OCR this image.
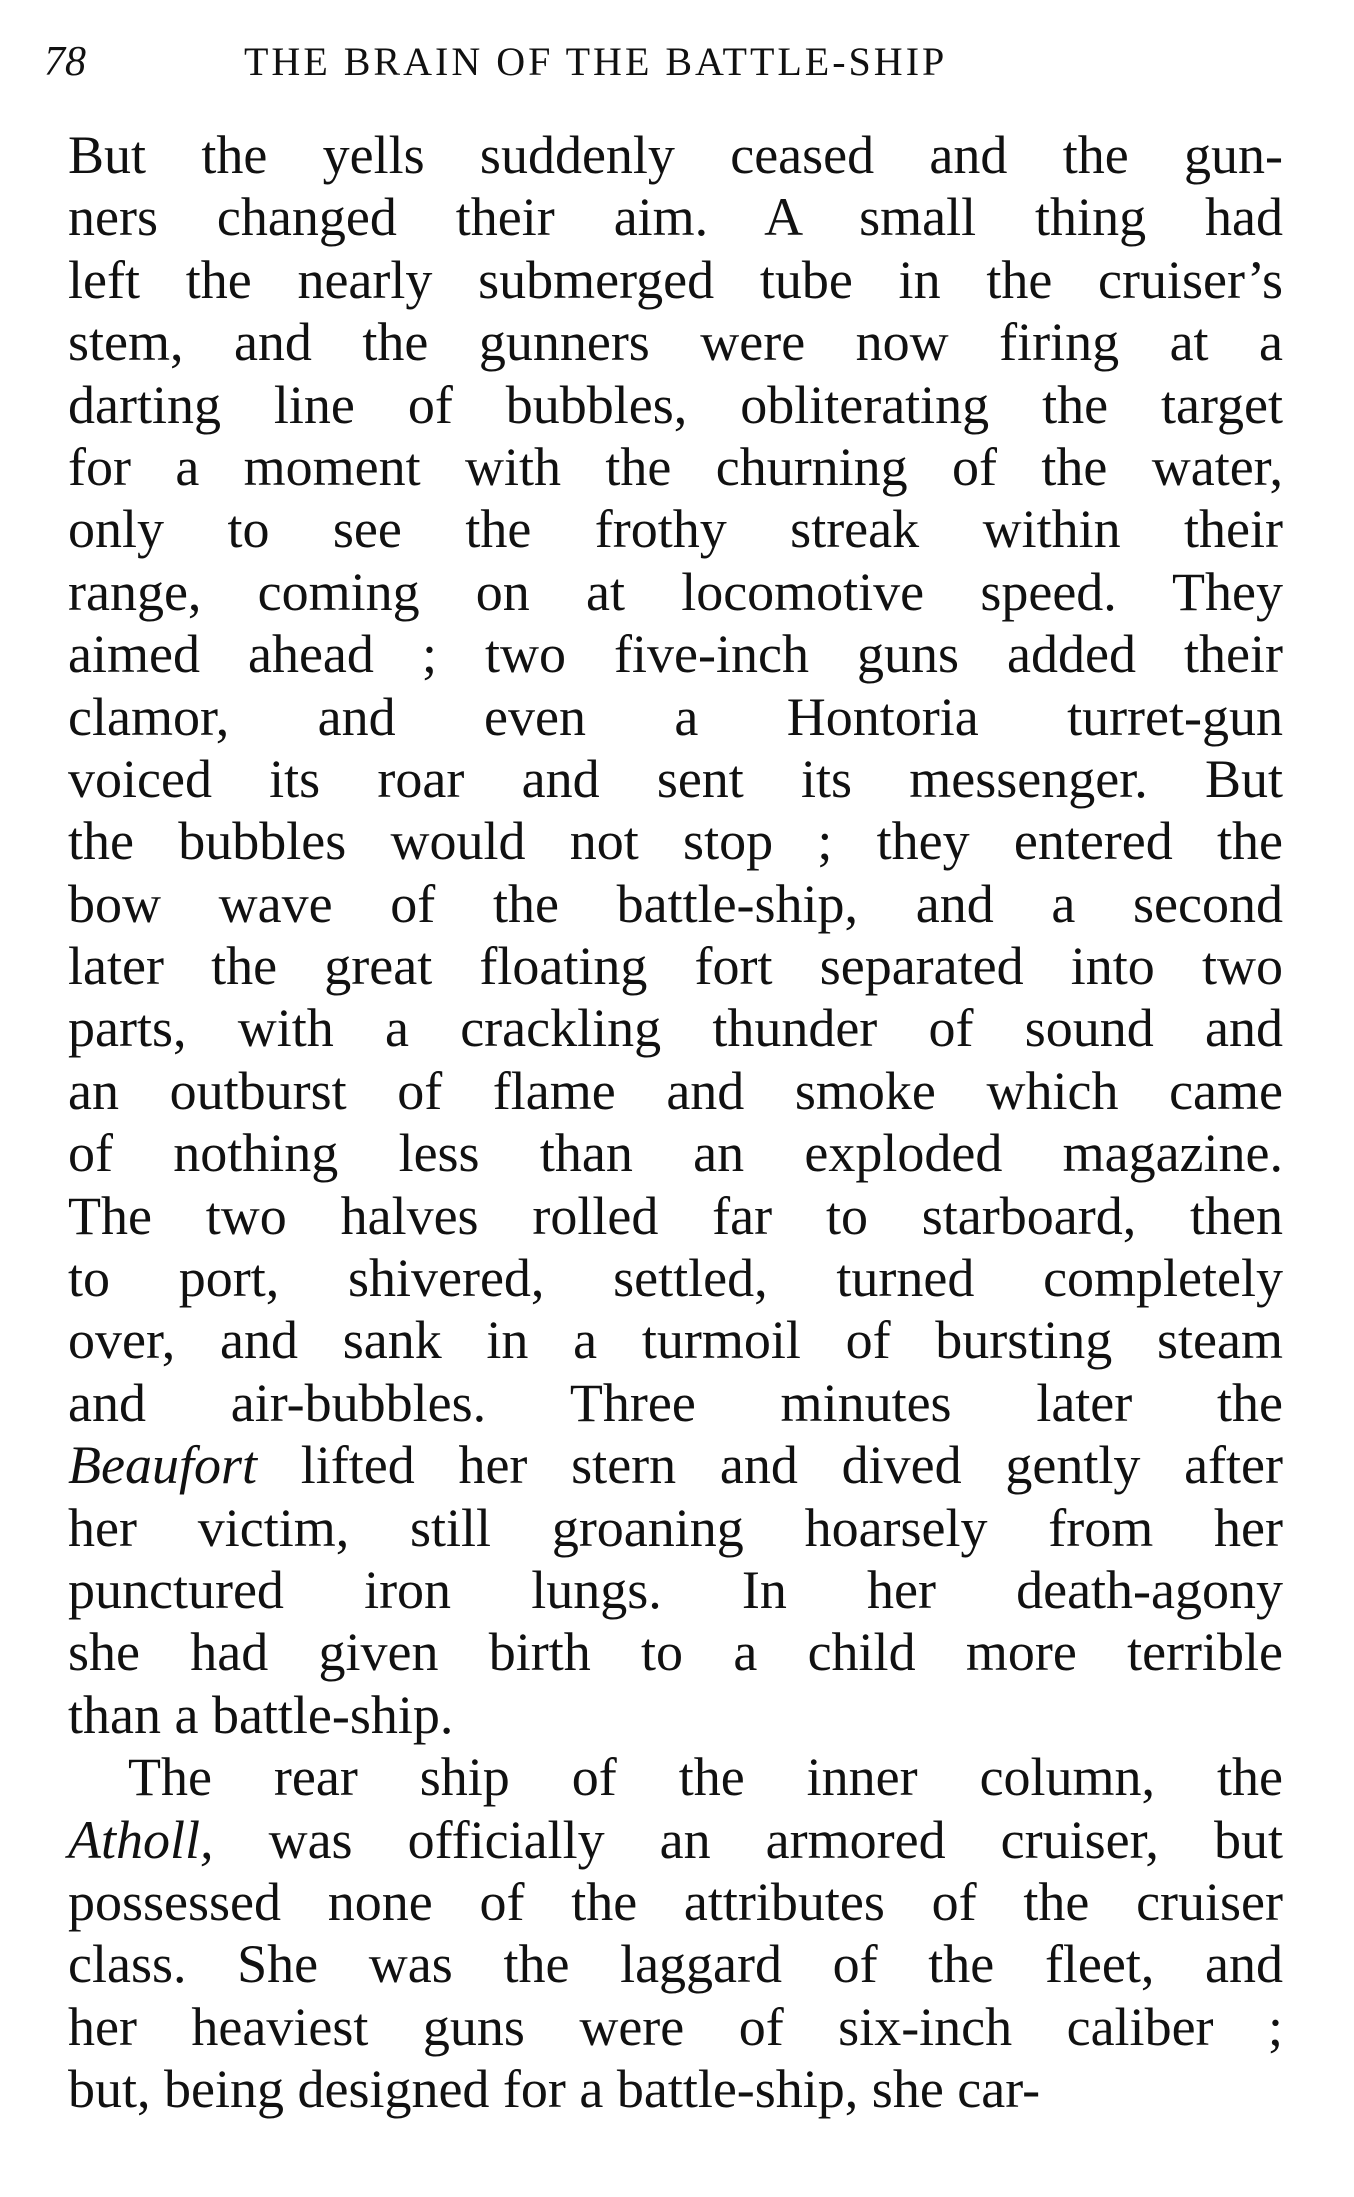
78	THE BRAIN OF THE BATTLE-SHIP
But the yells suddenly ceased and the gun-
ners changed their aim. A small thing had
left the nearly submerged tube in the cruiser’s
stem, and the gunners were now firing at a
darting line of bubbles, obliterating the target
for a moment with the churning of the water,
only to see the frothy streak within their
range, coming on at locomotive speed. They
aimed ahead ; two five-inch guns added their
clamor, and even a Hontoria turret-gun
voiced its roar and sent its messenger. But
the bubbles would not stop ; they entered the
bow wave of the battle-ship, and a second
later the great floating fort separated into two
parts, with a crackling thunder of sound and
an outburst of flame and smoke which came
of nothing less than an exploded magazine.
The two halves rolled far to starboard, then
to port, shivered, settled, turned completely
over, and sank in a turmoil of bursting steam
and air-bubbles. Three minutes later the
Beaufort lifted her stern and dived gently after
her victim, still groaning hoarsely from her
punctured iron lungs. In her death-agony
she had given birth to a child more terrible
than a battle-ship.
The rear ship of the inner column, the
Atholl, was officially an armored cruiser, but
possessed none of the attributes of the cruiser
class. She was the laggard of the fleet, and
her heaviest guns were of six-inch caliber ;
but, being designed for a battle-ship, she car-
